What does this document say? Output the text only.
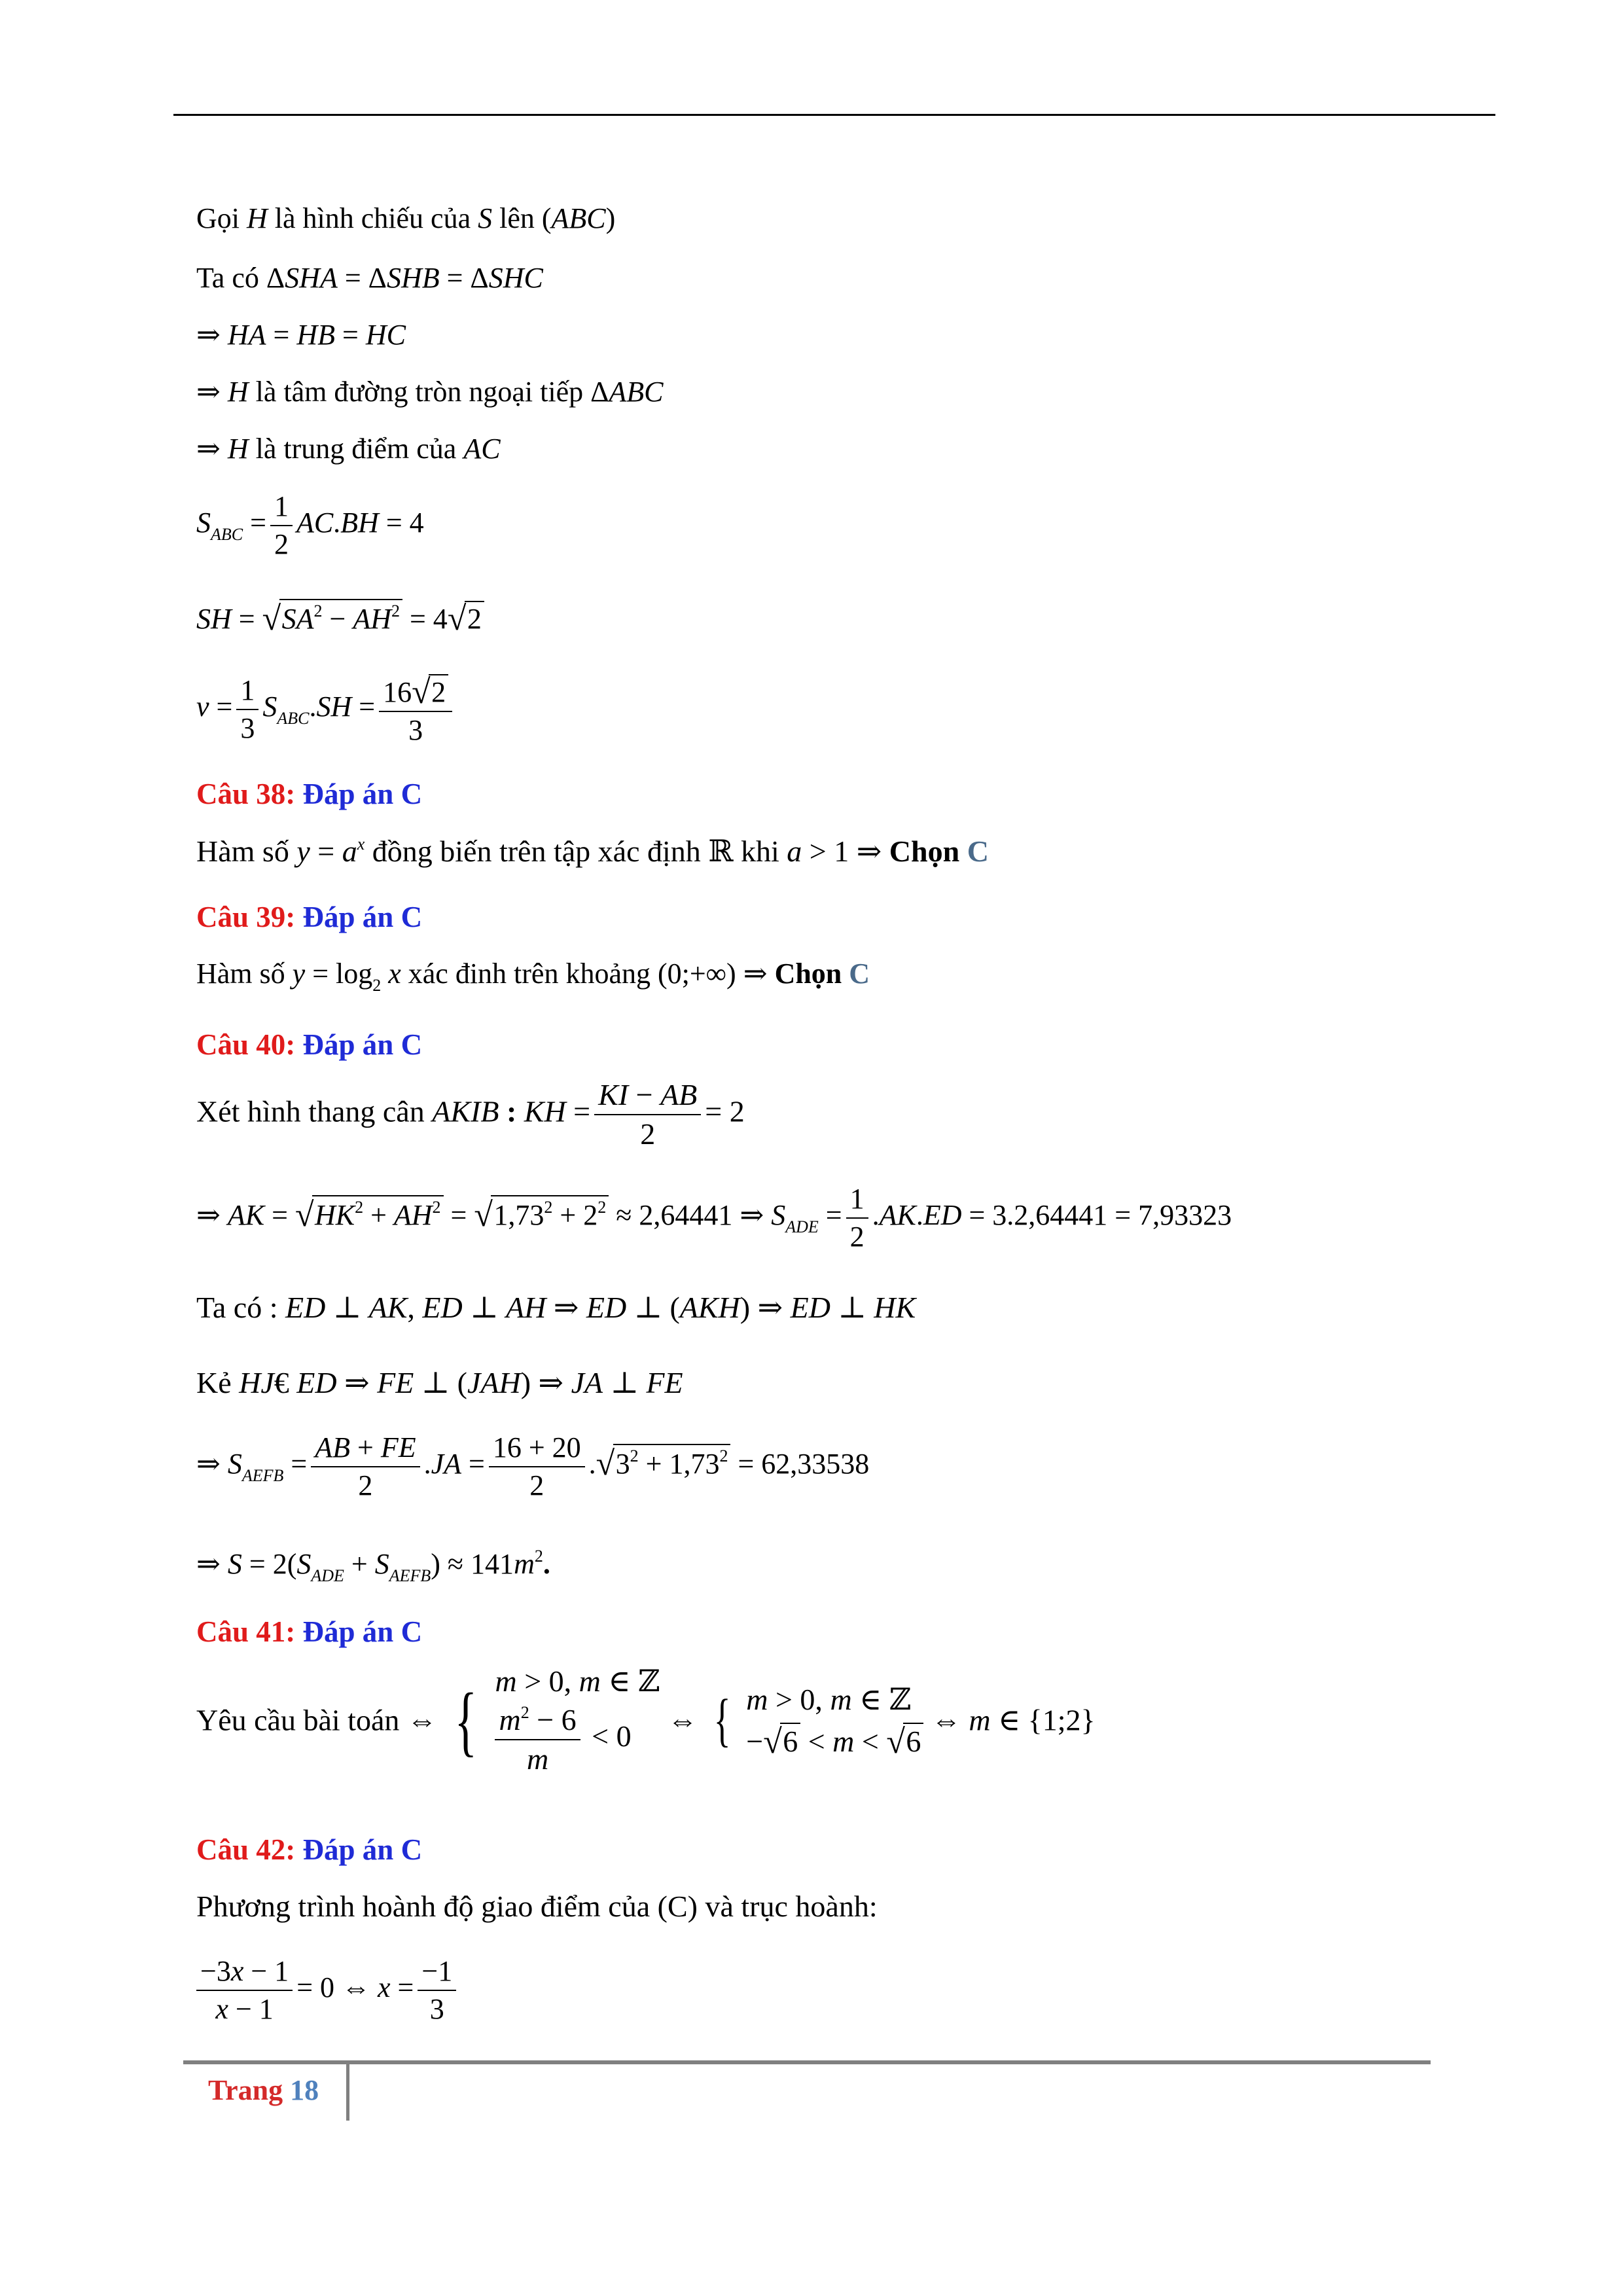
Gọi H là hình chiếu của S lên (ABC)
Ta có ΔSHA = ΔSHB = ΔSHC
⇒ HA = HB = HC
⇒ H là tâm đường tròn ngoại tiếp ΔABC
⇒ H là trung điểm của AC
$S_{ABC} = \frac{1}{2} AC.BH = 4$
SH = √ $SA^2 - AH^2 = 4$ √ 2
$v = \frac{1}{3} S_{ABC}.SH = \frac{16 √ 2}{3}$
Câu 38: Đáp án C
Hàm số $y = a^x$ đồng biến trên tập xác định ℝ khi a > 1 ⇒ Chọn C
Câu 39: Đáp án C
Hàm số $y = \log_2 x$ xác đinh trên khoảng (0;+∞) ⇒ Chọn C
Câu 40: Đáp án C
Xét hình thang cân AKIB : KH = $\frac{KI - AB}{2} = 2$
⇒ AK = √ $HK^2 + AH^2$ = √ $1,73^2 + 2^2 \approx 2,64441$ ⇒ $S_{ADE} = \frac{1}{2} .AK.ED = 3.2,64441 = 7,93323$
Ta có : ED ⊥ AK, ED ⊥ AH ⇒ ED ⊥ (AKH) ⇒ ED ⊥ HK
Kẻ HJ€ ED ⇒ FE ⊥ (JAH) ⇒ JA ⊥ FE
⇒ $S_{AEFB} = \frac{AB + FE}{2} .JA = \frac{16 + 20}{2}$ . √ $3^2 + 1,73^2 = 62,33538$
⇒ $S = 2(S_{ADE} + S_{AEFB}) \approx 141m^2$.
Câu 41: Đáp án C
Yêu cầu bài toán ⇔ { m > 0, m ∈ ℤ
$\frac{m^2 - 6}{m} < 0$	⇔ { m > 0, m ∈ ℤ
− √ 6 < m < √ 6
⇔ m ∈ {1;2}
Câu 42: Đáp án C
Phương trình hoành độ giao điểm của (C) và trục hoành:
$\frac{-3x - 1}{x - 1} = 0$ ⇔ $x = \frac{-1}{3}$
Trang 18
